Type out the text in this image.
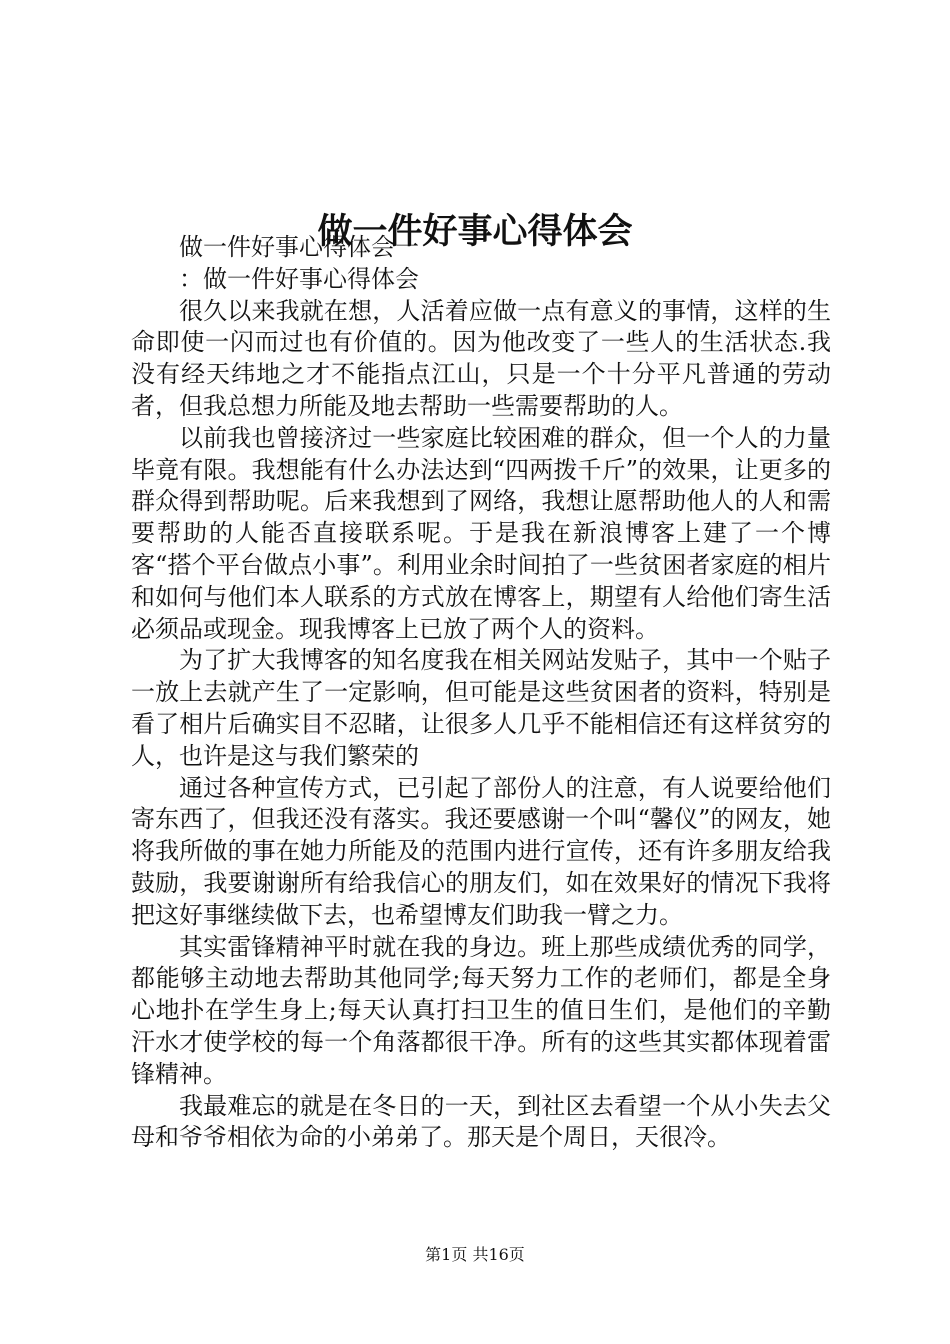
做一件好事心得体会

做一件好事心得体会一

：做一件好事心得体会

很久以来我就在想，人活着应做一点有意义的事情，这样的生命即使一闪而过也有价值的。因为他改变了一些人的生活状态.我没有经天纬地之才不能指点江山，只是一个十分平凡普通的劳动者，但我总想力所能及地去帮助一些需要帮助的人。

以前我也曾接济过一些家庭比较困难的群众，但一个人的力量毕竟有限。我想能有什么办法达到“四两拨千斤”的效果，让更多的群众得到帮助呢。后来我想到了网络，我想让愿帮助他人的人和需要帮助的人能否直接联系呢。于是我在新浪博客上建了一个博客“搭个平台做点小事”。利用业余时间拍了一些贫困者家庭的相片和如何与他们本人联系的方式放在博客上，期望有人给他们寄生活必须品或现金。现我博客上已放了两个人的资料。

为了扩大我博客的知名度我在相关网站发贴子，其中一个贴子一放上去就产生了一定影响，但可能是这些贫困者的资料，特别是看了相片后确实目不忍睹，让很多人几乎不能相信还有这样贫穷的人，也许是这与我们繁荣的

通过各种宣传方式，已引起了部份人的注意，有人说要给他们寄东西了，但我还没有落实。我还要感谢一个叫“馨仪”的网友，她将我所做的事在她力所能及的范围内进行宣传，还有许多朋友给我鼓励，我要谢谢所有给我信心的朋友们，如在效果好的情况下我将把这好事继续做下去，也希望博友们助我一臂之力。

其实雷锋精神平时就在我的身边。班上那些成绩优秀的同学，都能够主动地去帮助其他同学;每天努力工作的老师们，都是全身心地扑在学生身上;每天认真打扫卫生的值日生们，是他们的辛勤汗水才使学校的每一个角落都很干净。所有的这些其实都体现着雷锋精神。

我最难忘的就是在冬日的一天，到社区去看望一个从小失去父母和爷爷相依为命的小弟弟了。那天是个周日，天很冷。

第1页 共16页
